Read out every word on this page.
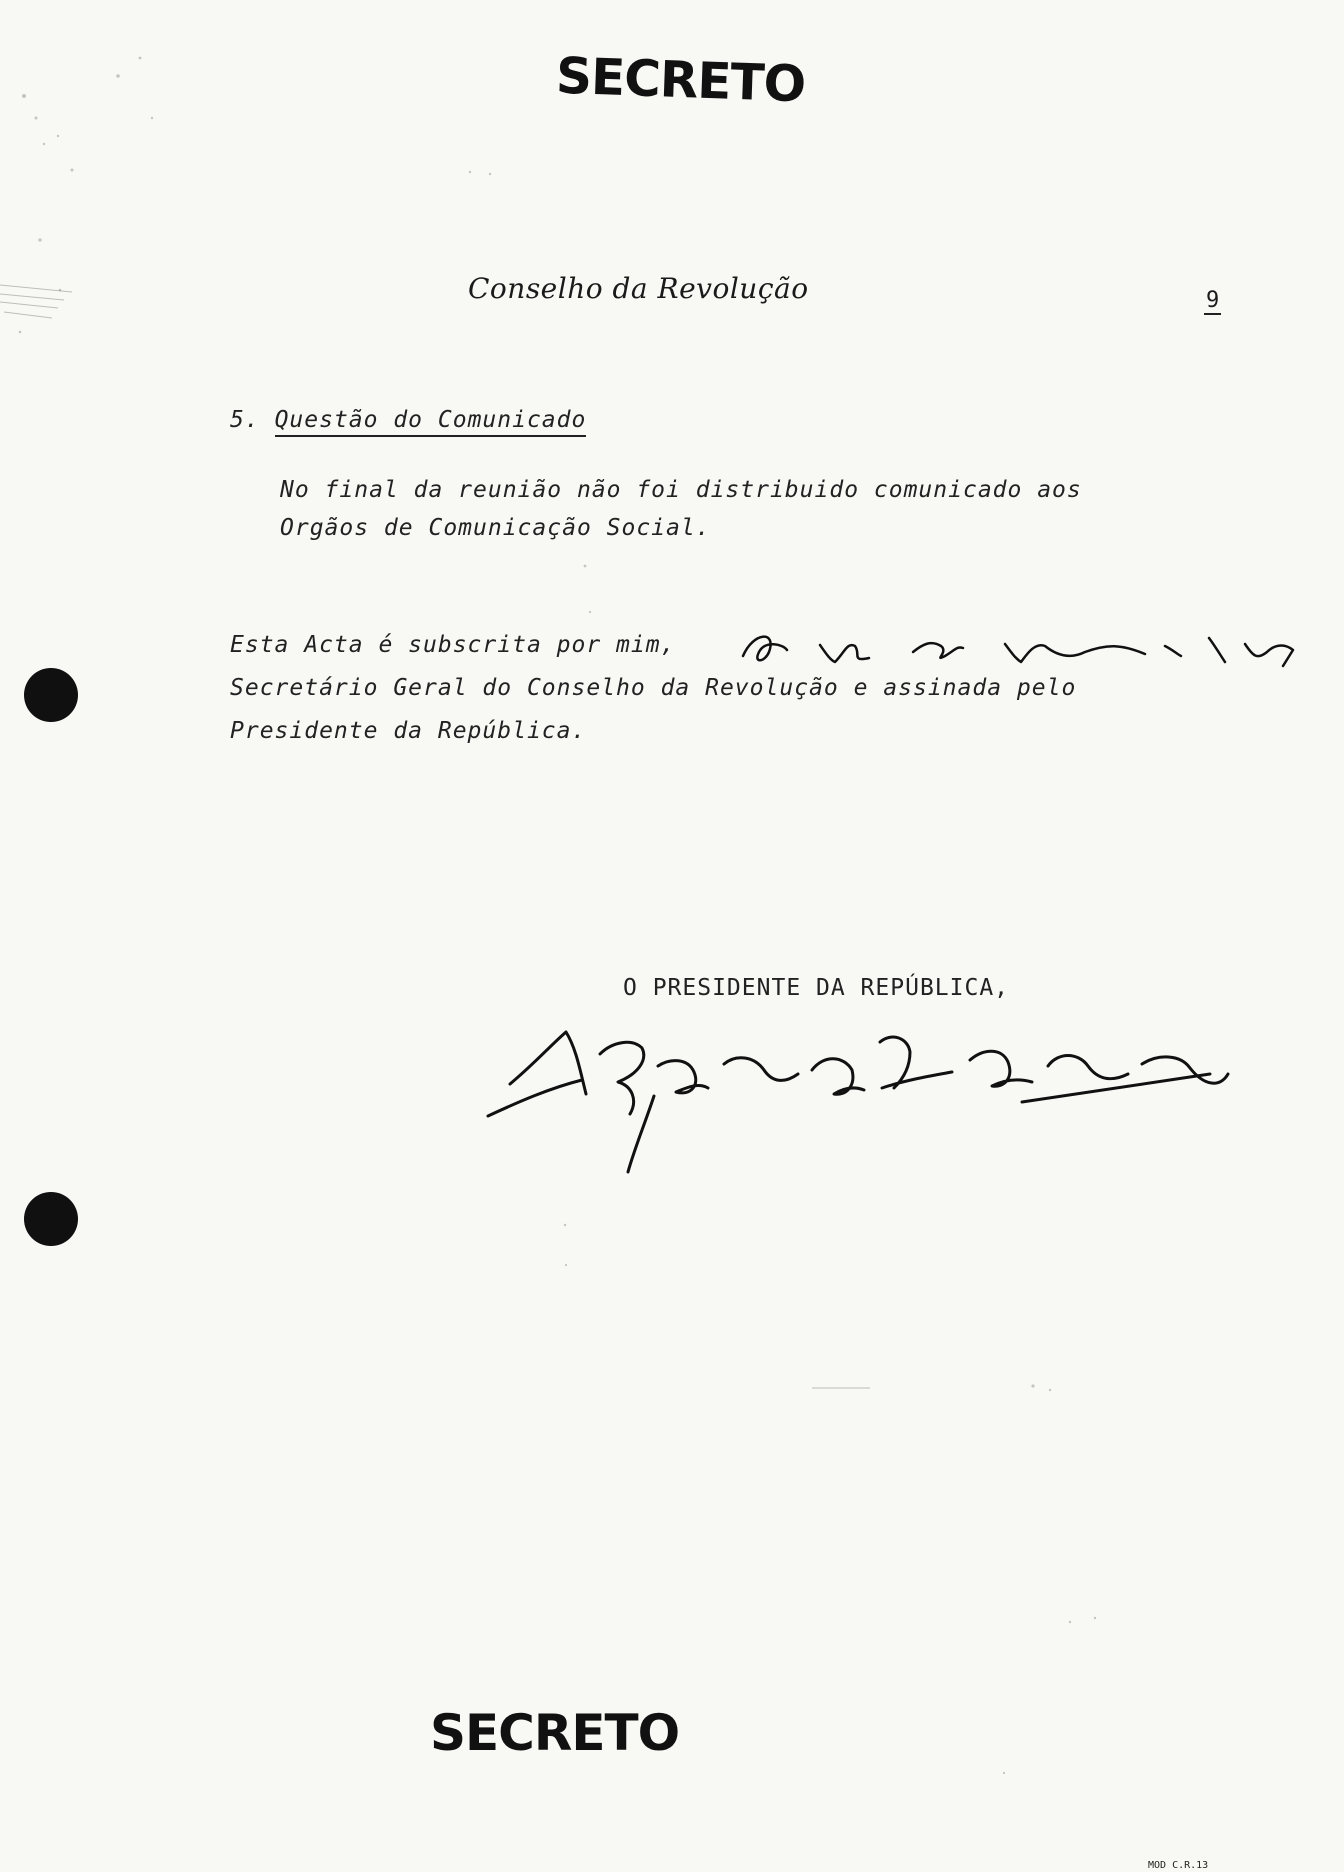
SECRETO
Conselho da Revolução	9
5. Questão do Comunicado
No final da reunião não foi distribuido comunicado aos
Orgãos de Comunicação Social.
Esta Acta é subscrita por mim,
Secretário Geral do Conselho da Revolução e assinada pelo
Presidente da República.
O PRESIDENTE DA REPÚBLICA,
SECRETO
MOD C.R.13
